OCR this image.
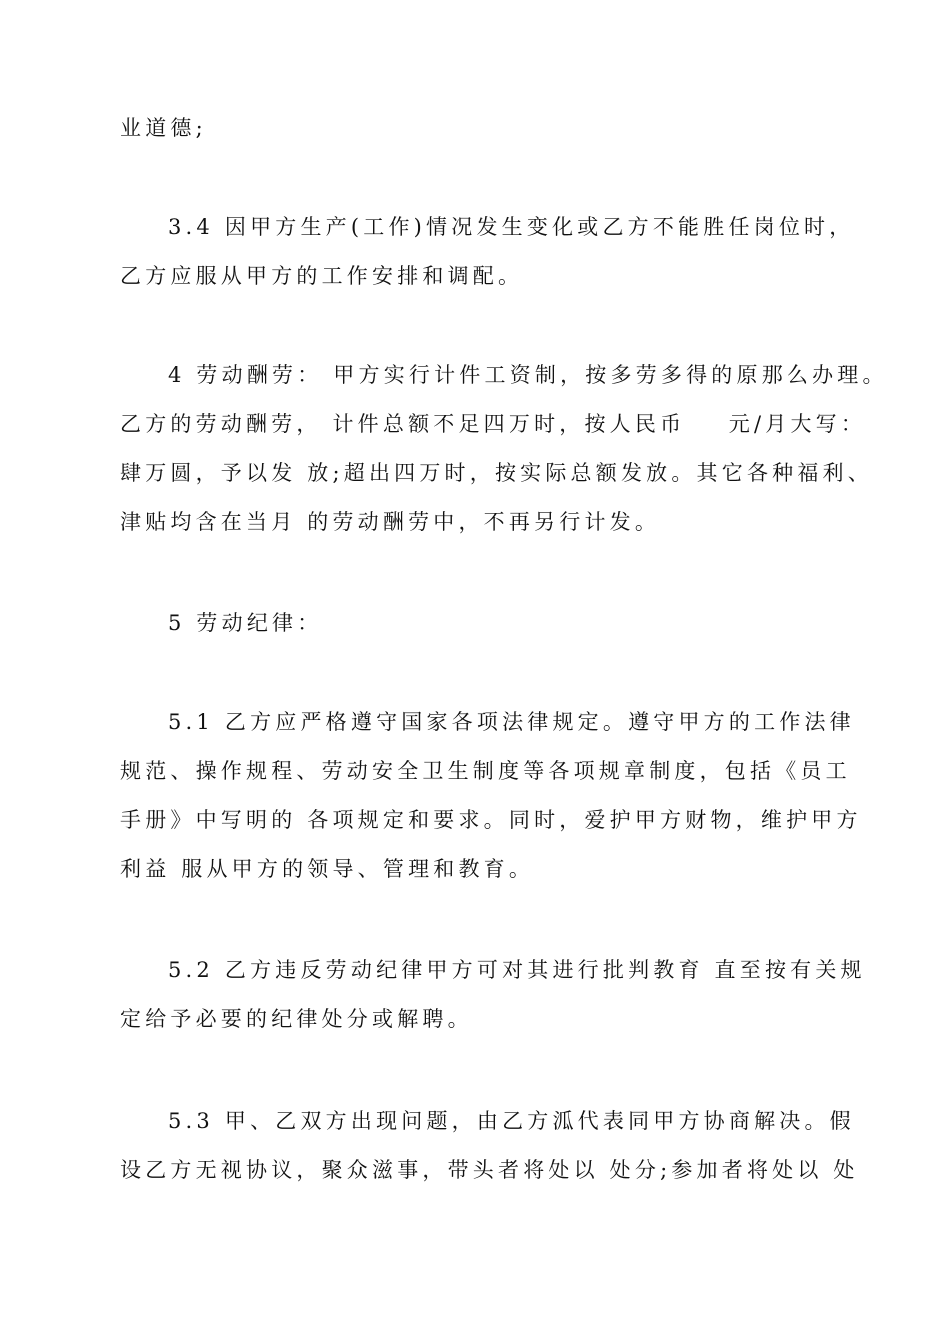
业道德;
3.4 因甲方生产(工作)情况发生变化或乙方不能胜任岗位时，
乙方应服从甲方的工作安排和调配。
4 劳动酬劳： 甲方实行计件工资制，按多劳多得的原那么办理。
乙方的劳动酬劳， 计件总额不足四万时，按人民币    元/月大写：
肆万圆，予以发 放;超出四万时，按实际总额发放。其它各种福利、
津贴均含在当月 的劳动酬劳中，不再另行计发。
5 劳动纪律：
5.1 乙方应严格遵守国家各项法律规定。遵守甲方的工作法律
规范、操作规程、劳动安全卫生制度等各项规章制度，包括《员工
手册》中写明的 各项规定和要求。同时，爱护甲方财物，维护甲方
利益 服从甲方的领导、管理和教育。
5.2 乙方违反劳动纪律甲方可对其进行批判教育 直至按有关规
定给予必要的纪律处分或解聘。
5.3 甲、乙双方出现问题，由乙方泒代表同甲方协商解决。假
设乙方无视协议，聚众滋事，带头者将处以 处分;参加者将处以 处
